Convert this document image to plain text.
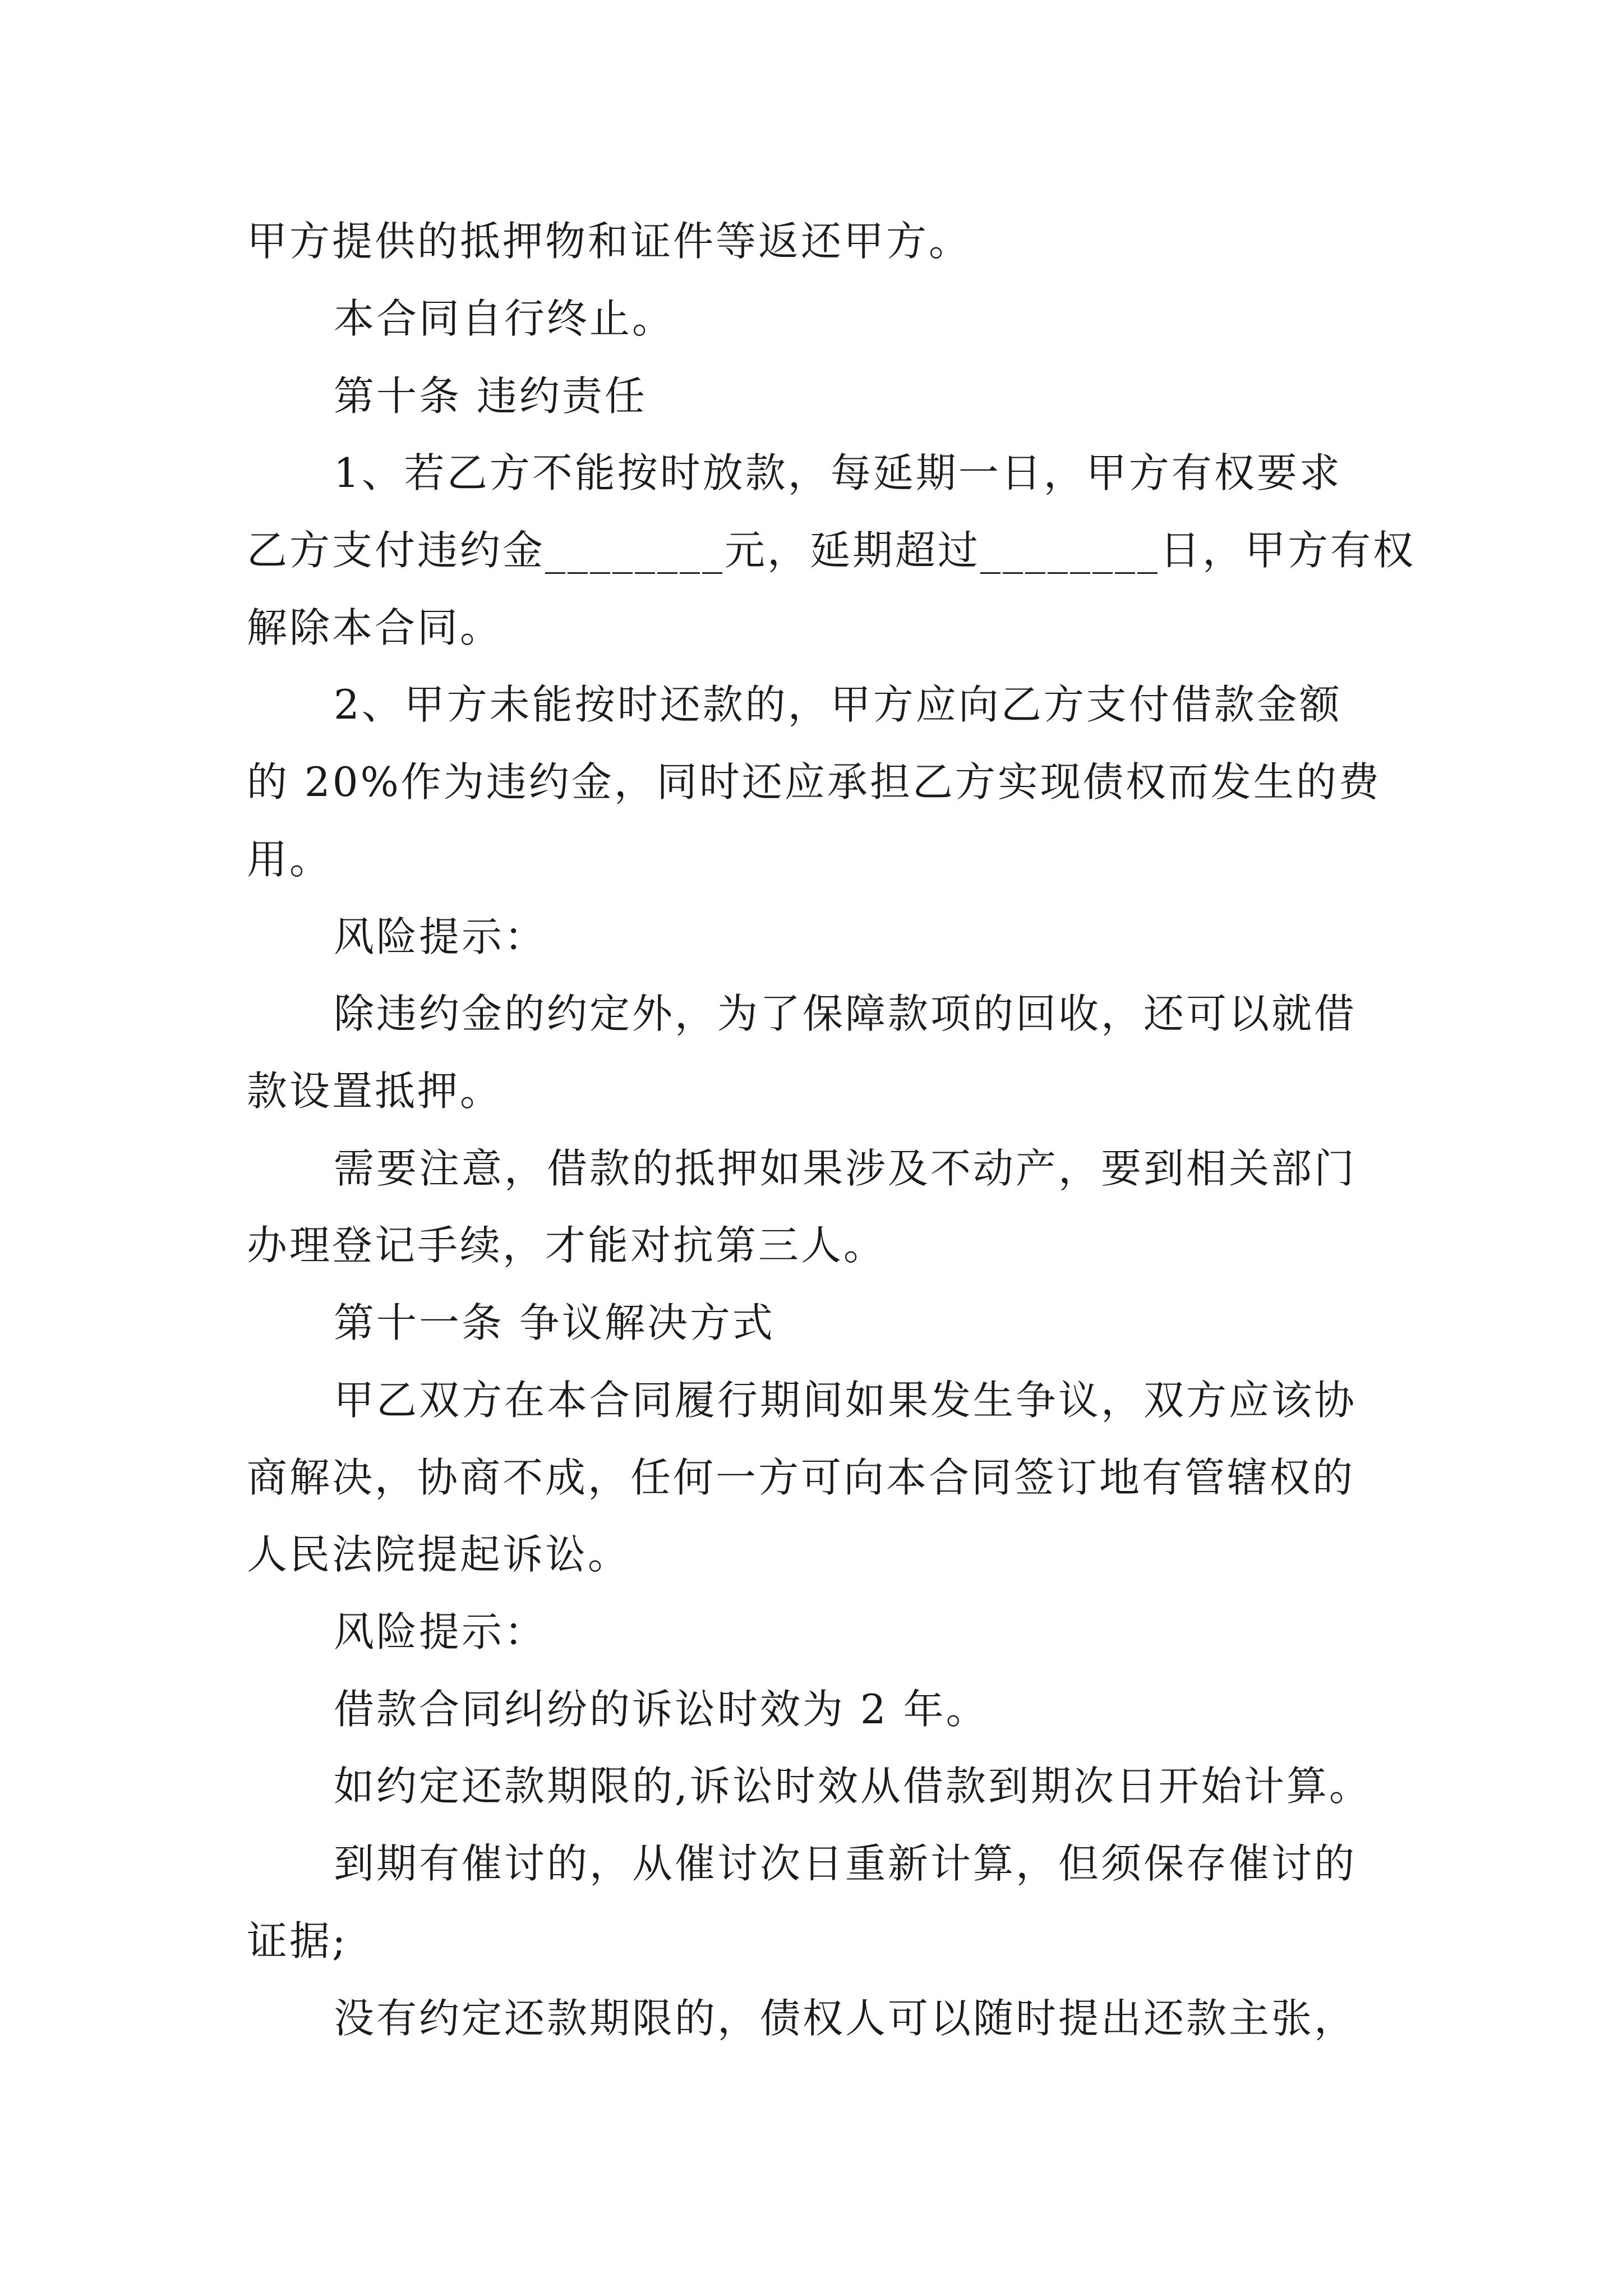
甲方提供的抵押物和证件等返还甲方。

本合同自行终止。

第十条 违约责任

1、若乙方不能按时放款，每延期一日，甲方有权要求

乙方支付违约金________元，延期超过________日，甲方有权

解除本合同。

2、甲方未能按时还款的，甲方应向乙方支付借款金额

的 20%作为违约金，同时还应承担乙方实现债权而发生的费

用。

风险提示：

除违约金的约定外，为了保障款项的回收，还可以就借

款设置抵押。

需要注意，借款的抵押如果涉及不动产，要到相关部门

办理登记手续，才能对抗第三人。

第十一条 争议解决方式

甲乙双方在本合同履行期间如果发生争议，双方应该协

商解决，协商不成，任何一方可向本合同签订地有管辖权的

人民法院提起诉讼。

风险提示：

借款合同纠纷的诉讼时效为 2 年。

如约定还款期限的,诉讼时效从借款到期次日开始计算。

到期有催讨的，从催讨次日重新计算，但须保存催讨的

证据;

没有约定还款期限的，债权人可以随时提出还款主张，
